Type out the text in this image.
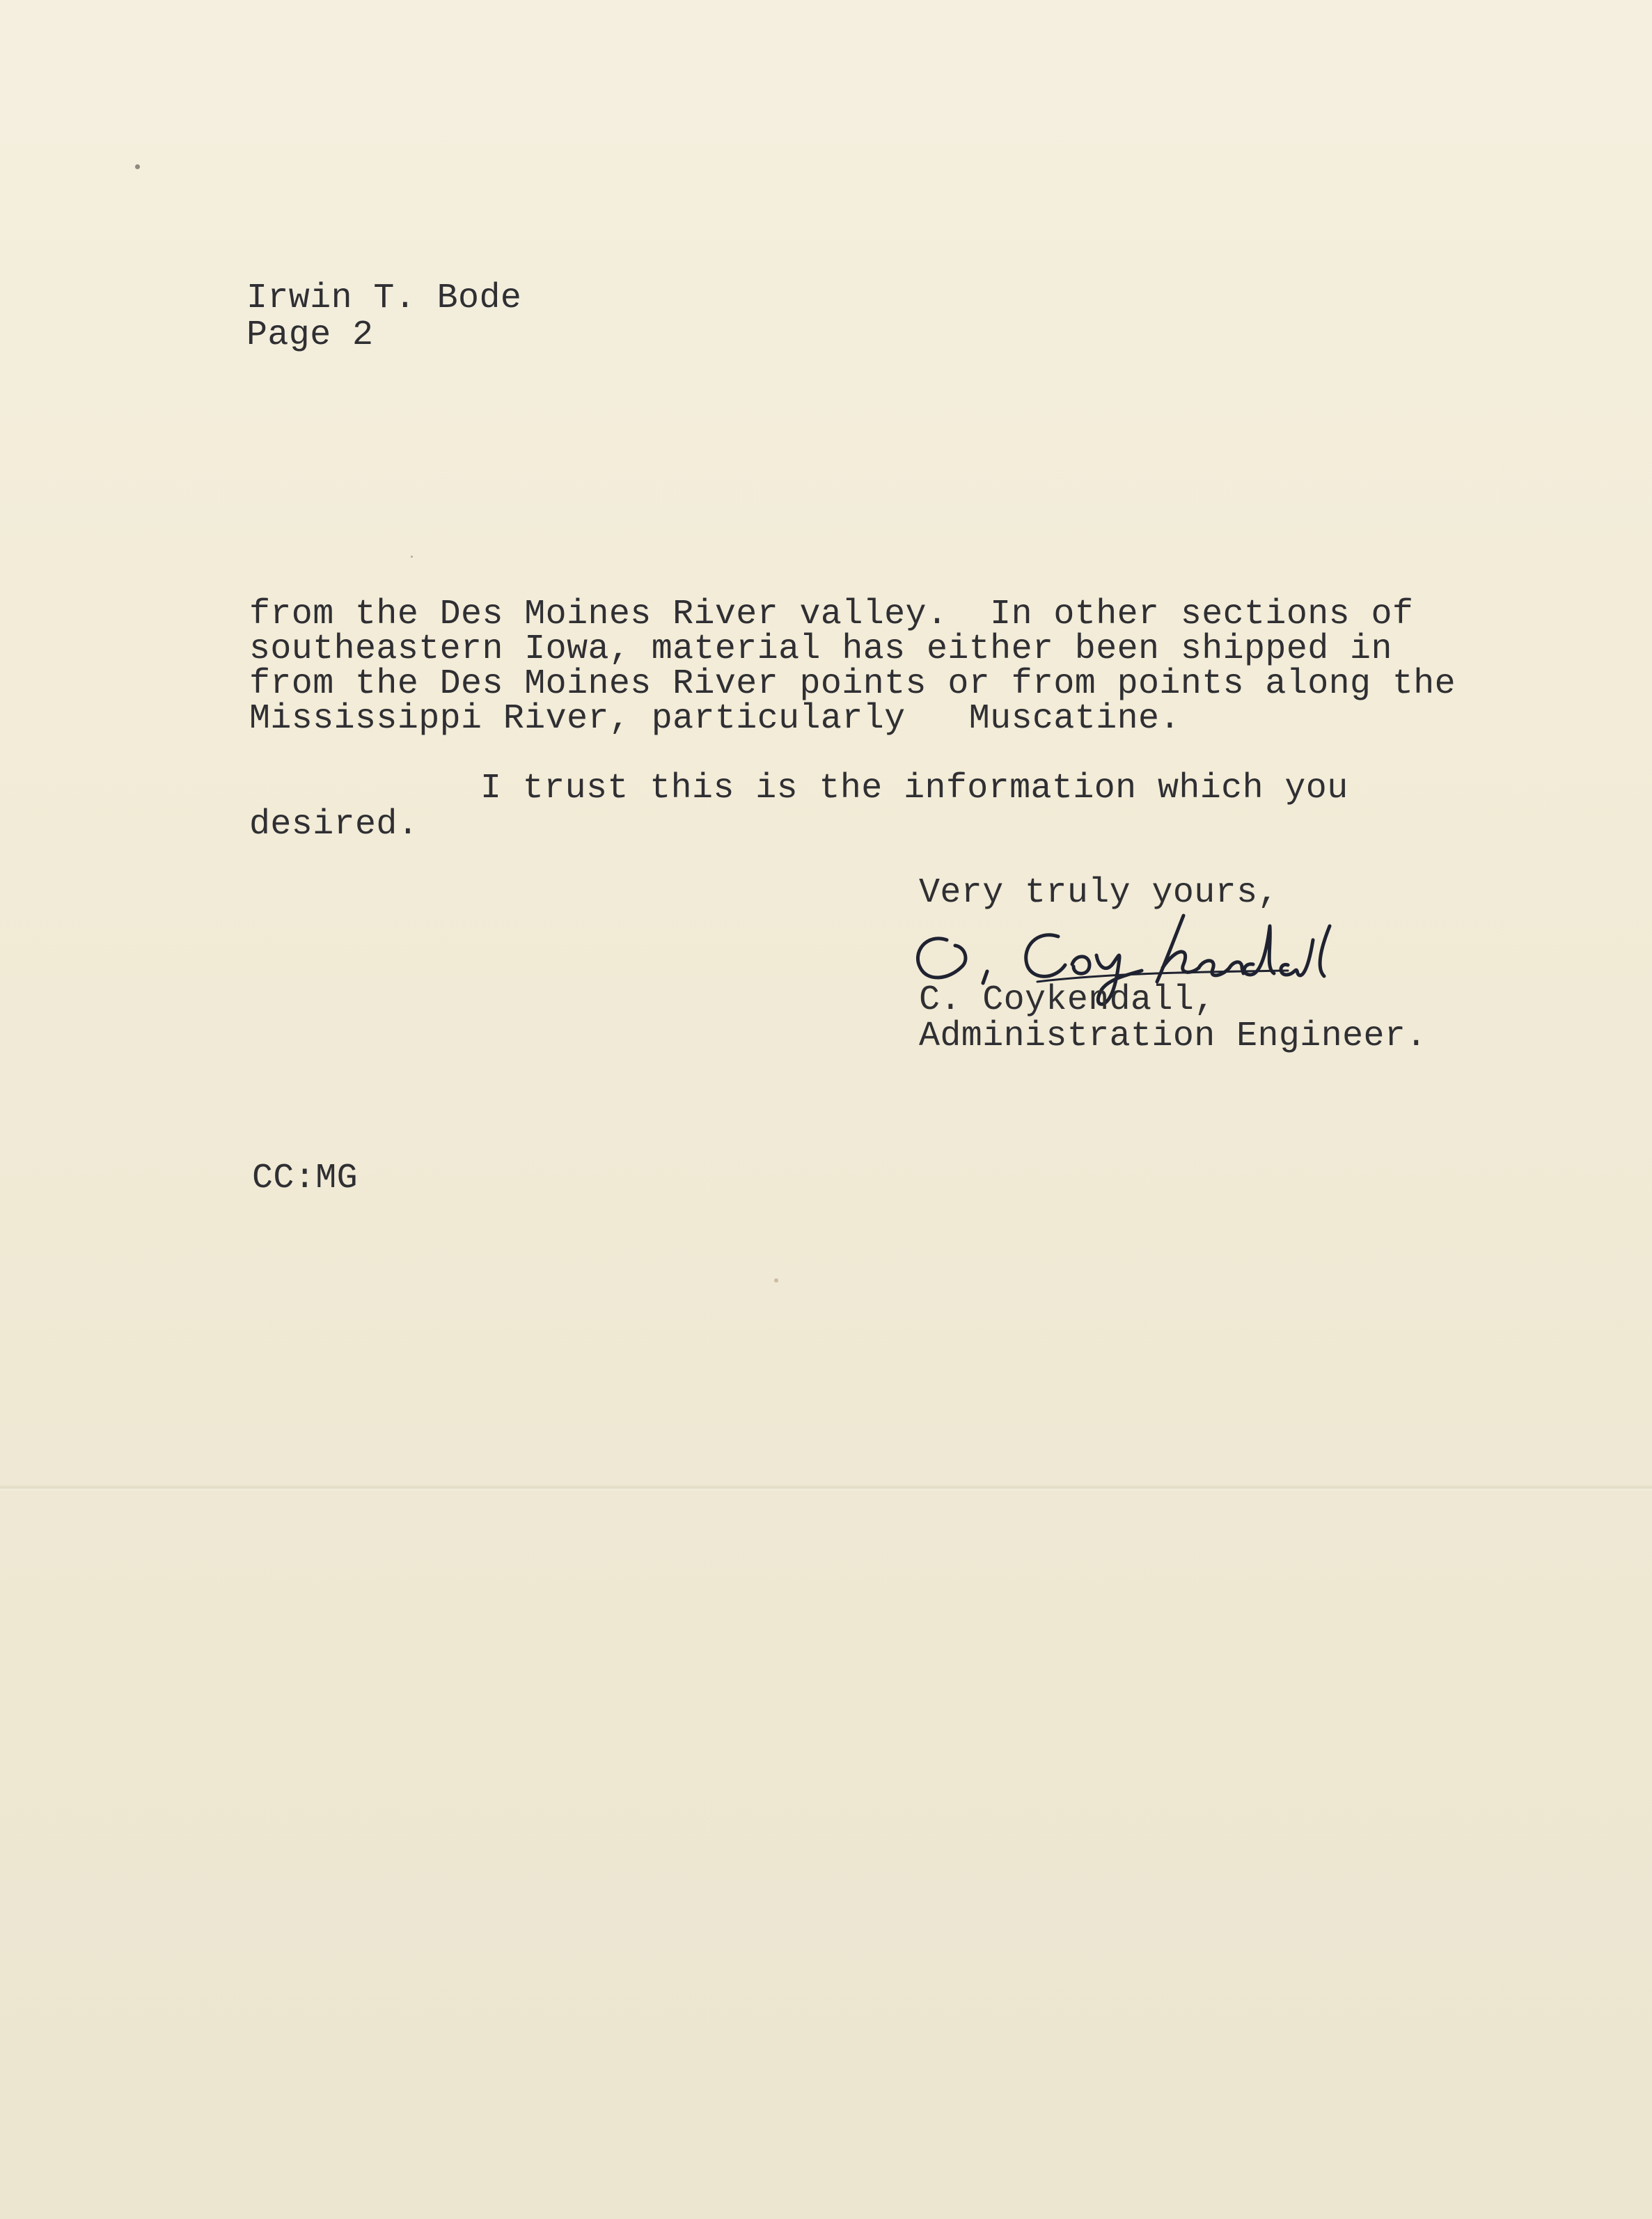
Irwin T. Bode

Page 2

from the Des Moines River valley.  In other sections of

southeastern Iowa, material has either been shipped in

from the Des Moines River points or from points along the

Mississippi River, particularly   Muscatine.

I trust this is the information which you

desired.

Very truly yours,

C. Coykendall,

Administration Engineer.

CC:MG
